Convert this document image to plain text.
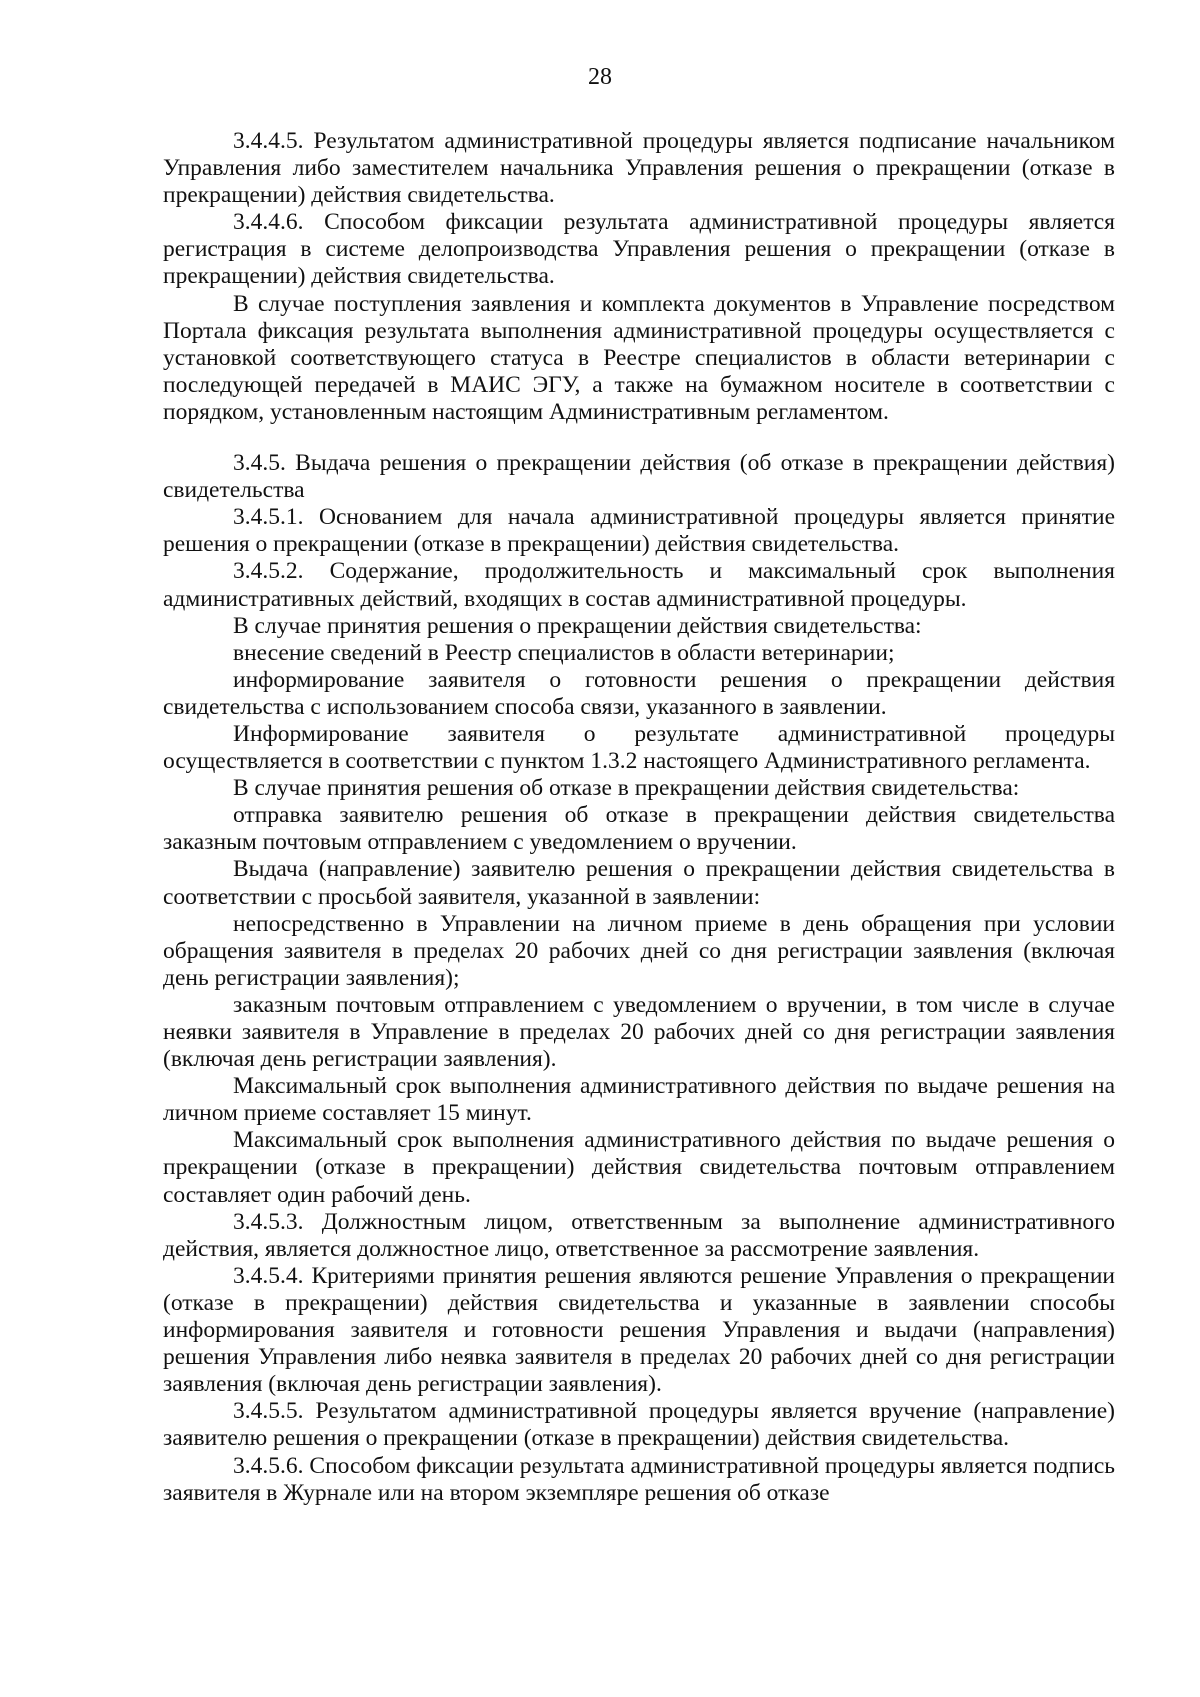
28

3.4.4.5. Результатом административной процедуры является подписание начальником Управления либо заместителем начальника Управления решения о прекращении (отказе в прекращении) действия свидетельства.

3.4.4.6. Способом фиксации результата административной процедуры является регистрация в системе делопроизводства Управления решения о прекращении (отказе в прекращении) действия свидетельства.

В случае поступления заявления и комплекта документов в Управление посредством Портала фиксация результата выполнения административной процедуры осуществляется с установкой соответствующего статуса в Реестре специалистов в области ветеринарии с последующей передачей в МАИС ЭГУ, а также на бумажном носителе в соответствии с порядком, установленным настоящим Административным регламентом.

3.4.5. Выдача решения о прекращении действия (об отказе в прекращении действия) свидетельства

3.4.5.1. Основанием для начала административной процедуры является принятие решения о прекращении (отказе в прекращении) действия свидетельства.

3.4.5.2. Содержание, продолжительность и максимальный срок выполнения административных действий, входящих в состав административной процедуры.

В случае принятия решения о прекращении действия свидетельства:

внесение сведений в Реестр специалистов в области ветеринарии;

информирование заявителя о готовности решения о прекращении действия свидетельства с использованием способа связи, указанного в заявлении.

Информирование заявителя о результате административной процедуры осуществляется в соответствии с пунктом 1.3.2 настоящего Административного регламента.

В случае принятия решения об отказе в прекращении действия свидетельства:

отправка заявителю решения об отказе в прекращении действия свидетельства заказным почтовым отправлением с уведомлением о вручении.

Выдача (направление) заявителю решения о прекращении действия свидетельства в соответствии с просьбой заявителя, указанной в заявлении:

непосредственно в Управлении на личном приеме в день обращения при условии обращения заявителя в пределах 20 рабочих дней со дня регистрации заявления (включая день регистрации заявления);

заказным почтовым отправлением с уведомлением о вручении, в том числе в случае неявки заявителя в Управление в пределах 20 рабочих дней со дня регистрации заявления (включая день регистрации заявления).

Максимальный срок выполнения административного действия по выдаче решения на личном приеме составляет 15 минут.

Максимальный срок выполнения административного действия по выдаче решения о прекращении (отказе в прекращении) действия свидетельства почтовым отправлением составляет один рабочий день.

3.4.5.3. Должностным лицом, ответственным за выполнение административного действия, является должностное лицо, ответственное за рассмотрение заявления.

3.4.5.4. Критериями принятия решения являются решение Управления о прекращении (отказе в прекращении) действия свидетельства и указанные в заявлении способы информирования заявителя и готовности решения Управления и выдачи (направления) решения Управления либо неявка заявителя в пределах 20 рабочих дней со дня регистрации заявления (включая день регистрации заявления).

3.4.5.5. Результатом административной процедуры является вручение (направление) заявителю решения о прекращении (отказе в прекращении) действия свидетельства.

3.4.5.6. Способом фиксации результата административной процедуры является подпись заявителя в Журнале или на втором экземпляре решения об отказе
